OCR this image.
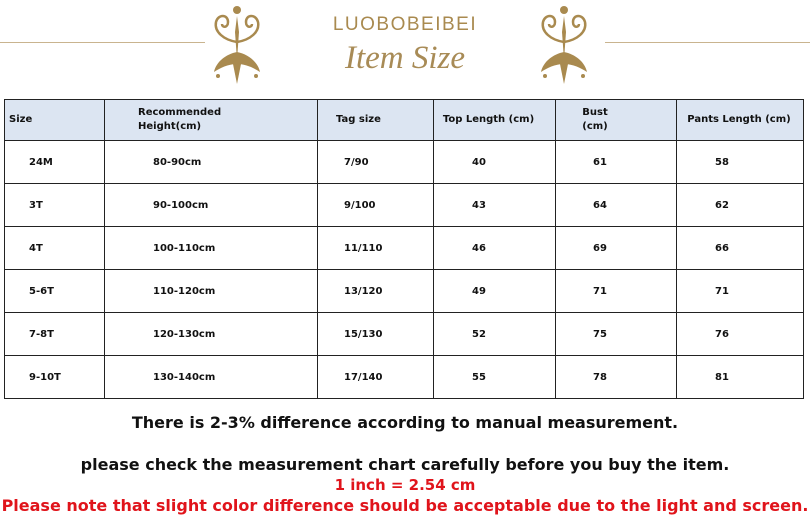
LUOBOBEIBEI
Item Size
Size	Recommended Height(cm)	Tag size	Top Length (cm)	Bust (cm)	Pants Length (cm)
24M	80-90cm	7/90	40	61	58
3T	90-100cm	9/100	43	64	62
4T	100-110cm	11/110	46	69	66
5-6T	110-120cm	13/120	49	71	71
7-8T	120-130cm	15/130	52	75	76
9-10T	130-140cm	17/140	55	78	81
There is 2-3% difference according to manual measurement.
please check the measurement chart carefully before you buy the item.
1 inch = 2.54 cm
Please note that slight color difference should be acceptable due to the light and screen.
